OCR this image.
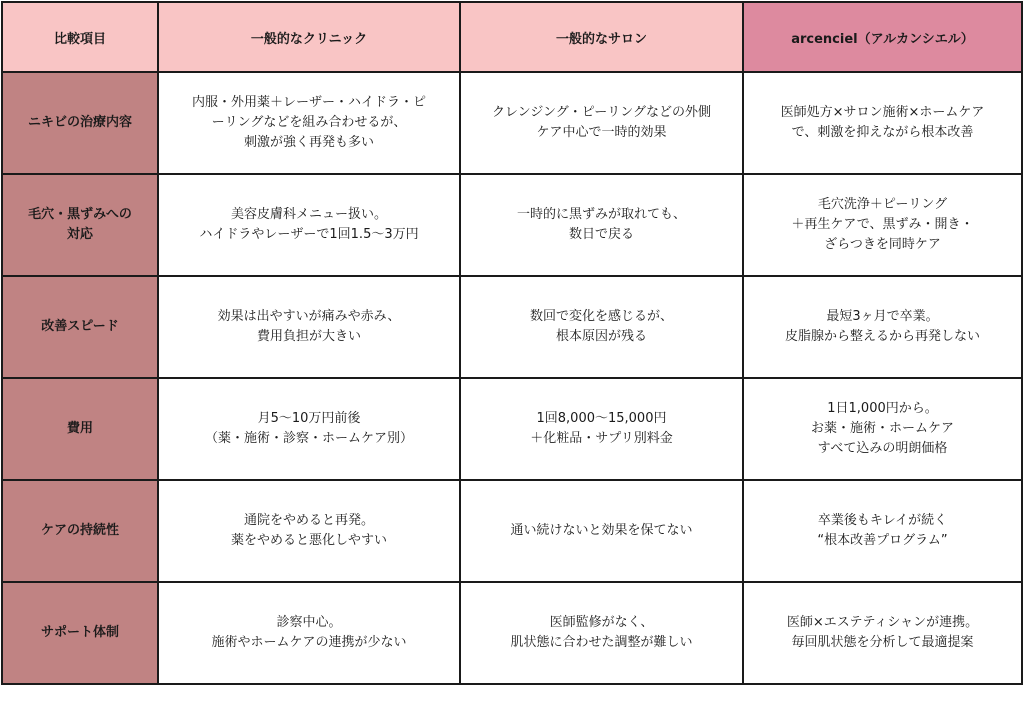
比較項目	一般的なクリニック	一般的なサロン	arcenciel（アルカンシエル）

ニキビの治療内容	内服・外用薬＋レーザー・ハイドラ・ピ
ーリングなどを組み合わせるが、
刺激が強く再発も多い	クレンジング・ピーリングなどの外側
ケア中心で一時的効果	医師処方×サロン施術×ホームケア
で、刺激を抑えながら根本改善

毛穴・黒ずみへの
対応	美容皮膚科メニュー扱い。
ハイドラやレーザーで1回1.5〜3万円	一時的に黒ずみが取れても、
数日で戻る	毛穴洗浄＋ピーリング
＋再生ケアで、黒ずみ・開き・
ざらつきを同時ケア

改善スピード	効果は出やすいが痛みや赤み、
費用負担が大きい	数回で変化を感じるが、
根本原因が残る	最短3ヶ月で卒業。
皮脂腺から整えるから再発しない

費用	月5〜10万円前後
（薬・施術・診察・ホームケア別）	1回8,000〜15,000円
＋化粧品・サプリ別料金	1日1,000円から。
お薬・施術・ホームケア
すべて込みの明朗価格

ケアの持続性	通院をやめると再発。
薬をやめると悪化しやすい	通い続けないと効果を保てない	卒業後もキレイが続く
“根本改善プログラム”

サポート体制	診察中心。
施術やホームケアの連携が少ない	医師監修がなく、
肌状態に合わせた調整が難しい	医師×エステティシャンが連携。
毎回肌状態を分析して最適提案
